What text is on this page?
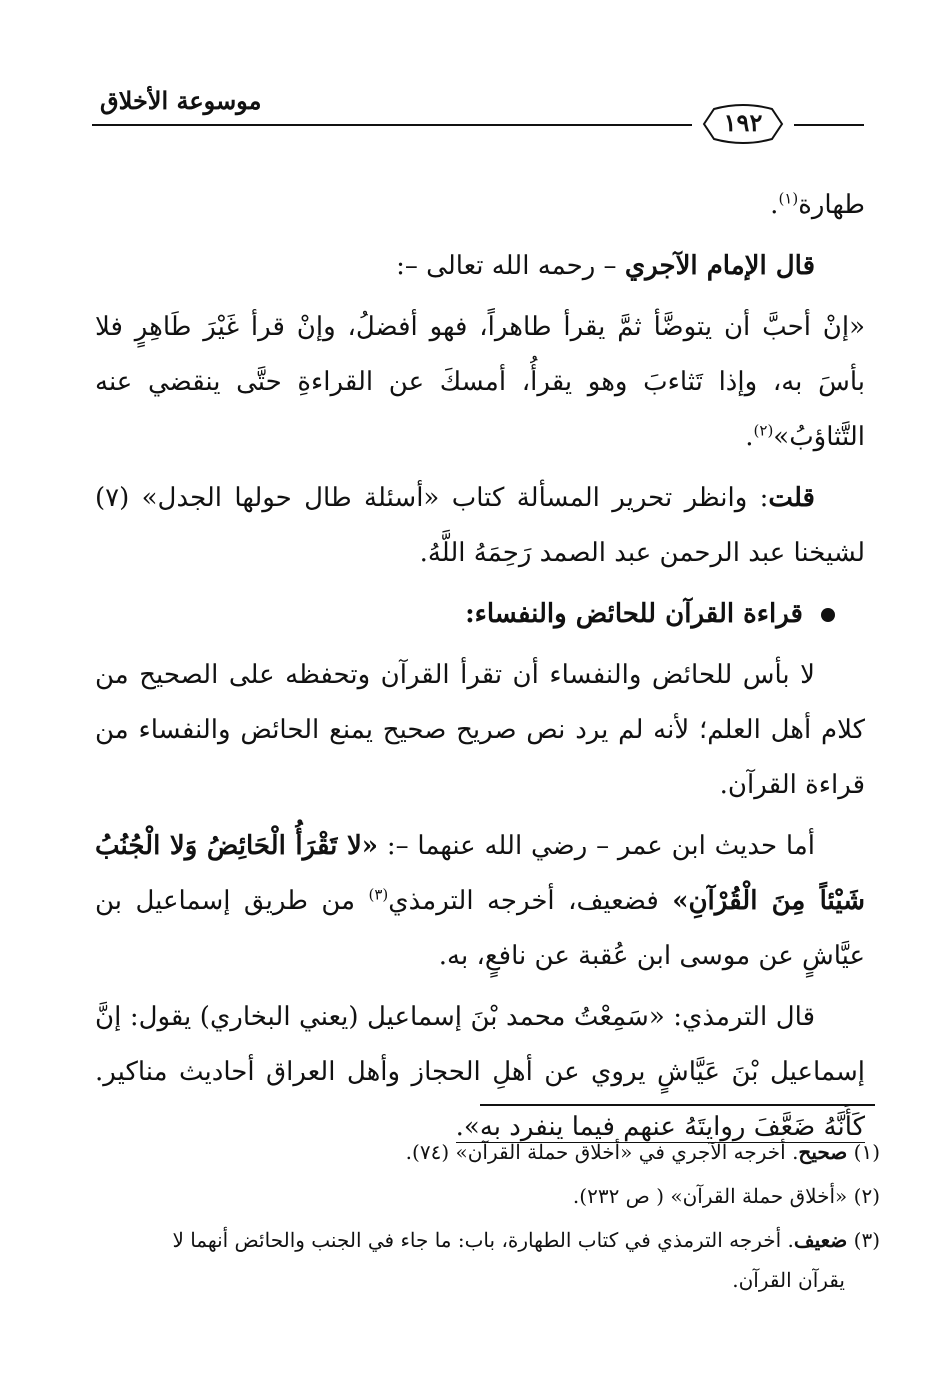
موسوعة الأخلاق
١٩٢

طهارة$^{(١)}$.

قال الإمام الآجري – رحمه الله تعالى –:

«إنْ أحبَّ أن يتوضَّأ ثمَّ يقرأ طاهراً، فهو أفضلُ، وإنْ قرأ غَيْرَ طَاهِرٍ فلا بأسَ به، وإذا تَثاءبَ وهو يقرأُ، أمسكَ عن القراءةِ حتَّى ينقضي عنه التَّثاؤبُ»$^{(٢)}$.

قلت: وانظر تحرير المسألة كتاب «أسئلة طال حولها الجدل» (٧) لشيخنا عبد الرحمن عبد الصمد رَحِمَهُ اللَّهُ.

قراءة القرآن للحائض والنفساء:

لا بأس للحائض والنفساء أن تقرأ القرآن وتحفظه على الصحيح من كلام أهل العلم؛ لأنه لم يرد نص صريح صحيح يمنع الحائض والنفساء من قراءة القرآن.

أما حديث ابن عمر – رضي الله عنهما –: «لا تَقْرَأُ الْحَائِضُ وَلا الْجُنُبُ شَيْئاً مِنَ الْقُرْآنِ» فضعيف، أخرجه الترمذي$^{(٣)}$ من طريق إسماعيل بن عيَّاشٍ عن موسى ابن عُقبة عن نافعٍ، به.

قال الترمذي: «سَمِعْتُ محمد بْنَ إسماعيل (يعني البخاري) يقول: إنَّ إسماعيل بْنَ عَيَّاشٍ يروي عن أهلِ الحجاز وأهل العراق أحاديث مناكير. كَأَنَّهُ ضَعَّفَ روايتَهُ عنهم فيما ينفرد به».

(١) صحيح. أخرجه الآجري في «أخلاق حملة القرآن» (٧٤).

(٢) «أخلاق حملة القرآن» ( ص ٢٣٢).

(٣) ضعيف. أخرجه الترمذي في كتاب الطهارة، باب: ما جاء في الجنب والحائض أنهما لا
يقرآن القرآن.
